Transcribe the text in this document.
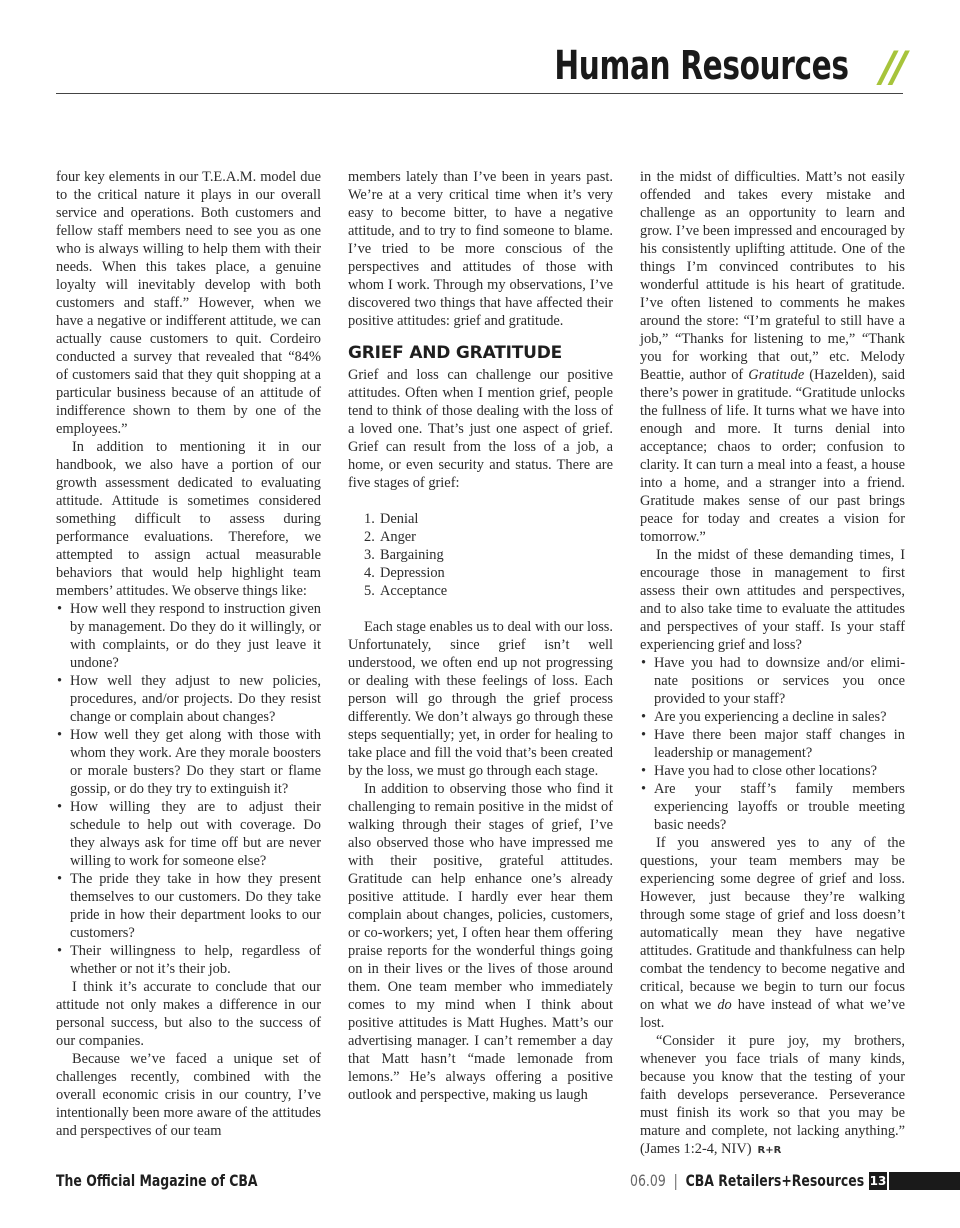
Human Resources //

four key elements in our T.E.A.M. model due to the critical nature it plays in our overall service and operations. Both customers and fellow staff members need to see you as one who is always willing to help them with their needs. When this takes place, a genuine loyalty will inevitably develop with both customers and staff.” However, when we have a negative or indifferent attitude, we can actually cause customers to quit. Cordeiro conducted a survey that revealed that “84% of customers said that they quit shopping at a particular business because of an attitude of indifference shown to them by one of the employees.”

In addition to mentioning it in our handbook, we also have a portion of our growth assessment dedicated to evaluating attitude. Attitude is sometimes considered something difficult to assess during performance evaluations. Therefore, we attempted to assign actual measurable behaviors that would help highlight team members’ attitudes. We observe things like:

• How well they respond to instruction given by management. Do they do it willingly, or with complaints, or do they just leave it undone?
• How well they adjust to new policies, procedures, and/or projects. Do they resist change or complain about changes?
• How well they get along with those with whom they work. Are they morale boosters or morale busters? Do they start or flame gossip, or do they try to extinguish it?
• How willing they are to adjust their schedule to help out with coverage. Do they always ask for time off but are never willing to work for someone else?
• The pride they take in how they present themselves to our customers. Do they take pride in how their department looks to our customers?
• Their willingness to help, regardless of whether or not it’s their job.

I think it’s accurate to conclude that our attitude not only makes a difference in our personal success, but also to the success of our companies.

Because we’ve faced a unique set of challenges recently, combined with the overall economic crisis in our country, I’ve intentionally been more aware of the attitudes and perspectives of our team

members lately than I’ve been in years past. We’re at a very critical time when it’s very easy to become bitter, to have a negative attitude, and to try to find someone to blame. I’ve tried to be more conscious of the perspectives and attitudes of those with whom I work. Through my observations, I’ve discovered two things that have affected their positive attitudes: grief and gratitude.

GRIEF AND GRATITUDE

Grief and loss can challenge our positive attitudes. Often when I mention grief, people tend to think of those dealing with the loss of a loved one. That’s just one aspect of grief. Grief can result from the loss of a job, a home, or even security and status. There are five stages of grief:

1. Denial
2. Anger
3. Bargaining
4. Depression
5. Acceptance

Each stage enables us to deal with our loss. Unfortunately, since grief isn’t well understood, we often end up not progressing or dealing with these feelings of loss. Each person will go through the grief process differently. We don’t always go through these steps sequentially; yet, in order for healing to take place and fill the void that’s been created by the loss, we must go through each stage.

In addition to observing those who find it challenging to remain positive in the midst of walking through their stages of grief, I’ve also observed those who have impressed me with their positive, grateful attitudes. Gratitude can help enhance one’s already positive attitude. I hardly ever hear them complain about changes, policies, customers, or co-workers; yet, I often hear them offering praise reports for the wonderful things going on in their lives or the lives of those around them. One team member who immediately comes to my mind when I think about positive attitudes is Matt Hughes. Matt’s our advertising manager. I can’t remember a day that Matt hasn’t “made lemonade from lemons.” He’s always offering a positive outlook and perspective, making us laugh

in the midst of difficulties. Matt’s not easily offended and takes every mistake and challenge as an opportunity to learn and grow. I’ve been impressed and encouraged by his consistently uplifting attitude. One of the things I’m convinced contributes to his wonderful attitude is his heart of gratitude. I’ve often listened to comments he makes around the store: “I’m grateful to still have a job,” “Thanks for listening to me,” “Thank you for working that out,” etc. Melody Beattie, author of Gratitude (Hazelden), said there’s power in gratitude. “Gratitude unlocks the fullness of life. It turns what we have into enough and more. It turns denial into acceptance; chaos to order; confusion to clarity. It can turn a meal into a feast, a house into a home, and a stranger into a friend. Gratitude makes sense of our past brings peace for today and creates a vision for tomorrow.”

In the midst of these demanding times, I encourage those in management to first assess their own attitudes and perspectives, and to also take time to evaluate the attitudes and perspectives of your staff. Is your staff experiencing grief and loss?

• Have you had to downsize and/or elimi-nate positions or services you once provided to your staff?
• Are you experiencing a decline in sales?
• Have there been major staff changes in leadership or management?
• Have you had to close other locations?
• Are your staff’s family members experiencing layoffs or trouble meeting basic needs?

If you answered yes to any of the questions, your team members may be experiencing some degree of grief and loss. However, just because they’re walking through some stage of grief and loss doesn’t automatically mean they have negative attitudes. Gratitude and thankfulness can help combat the tendency to become negative and critical, because we begin to turn our focus on what we do have instead of what we’ve lost.

“Consider it pure joy, my brothers, whenever you face trials of many kinds, because you know that the testing of your faith develops perseverance. Perseverance must finish its work so that you may be mature and complete, not lacking anything.” (James 1:2-4, NIV) R+R

The Official Magazine of CBA	06.09 | CBA Retailers+Resources 13
